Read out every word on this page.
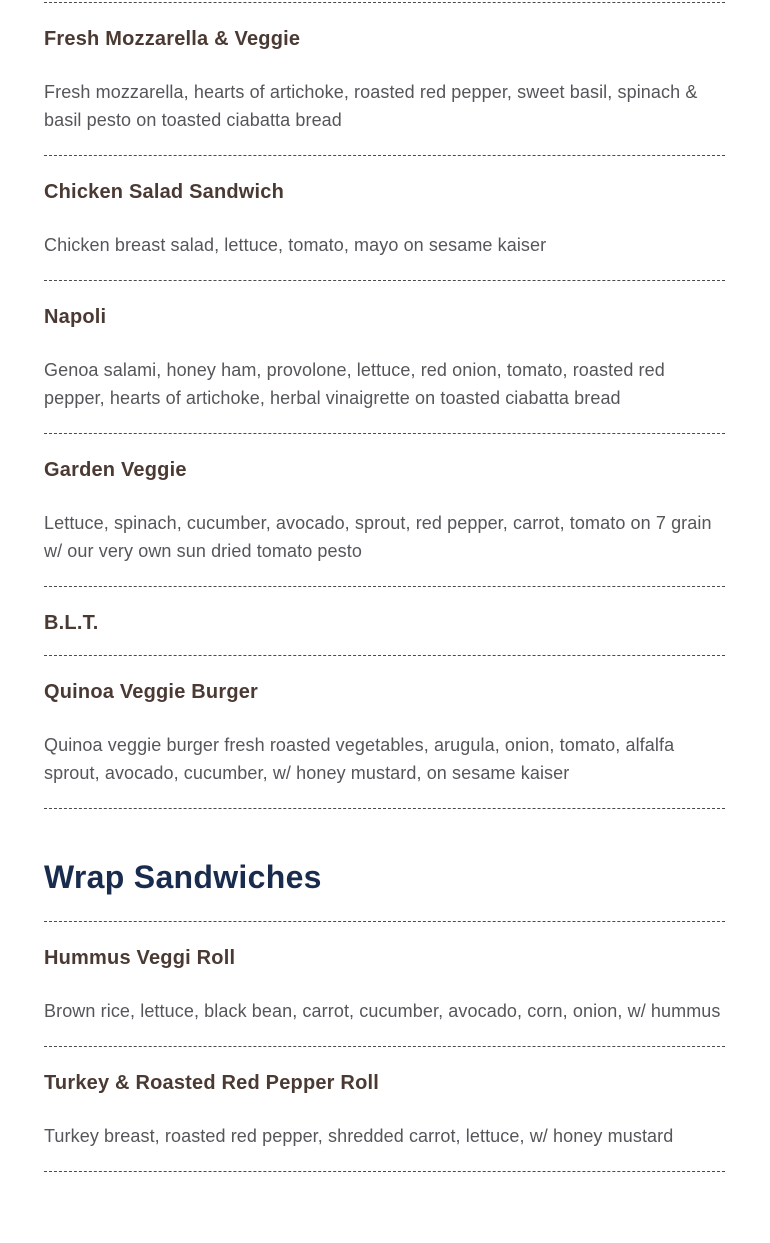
Fresh Mozzarella & Veggie

Fresh mozzarella, hearts of artichoke, roasted red pepper, sweet basil, spinach & basil pesto on toasted ciabatta bread

Chicken Salad Sandwich

Chicken breast salad, lettuce, tomato, mayo on sesame kaiser

Napoli

Genoa salami, honey ham, provolone, lettuce, red onion, tomato, roasted red pepper, hearts of artichoke, herbal vinaigrette on toasted ciabatta bread

Garden Veggie

Lettuce, spinach, cucumber, avocado, sprout, red pepper, carrot, tomato on 7 grain w/ our very own sun dried tomato pesto

B.L.T.
Quinoa Veggie Burger

Quinoa veggie burger fresh roasted vegetables, arugula, onion, tomato, alfalfa sprout, avocado, cucumber, w/ honey mustard, on sesame kaiser

Wrap Sandwiches
Hummus Veggi Roll

Brown rice, lettuce, black bean, carrot, cucumber, avocado, corn, onion, w/ hummus

Turkey & Roasted Red Pepper Roll

Turkey breast, roasted red pepper, shredded carrot, lettuce, w/ honey mustard
